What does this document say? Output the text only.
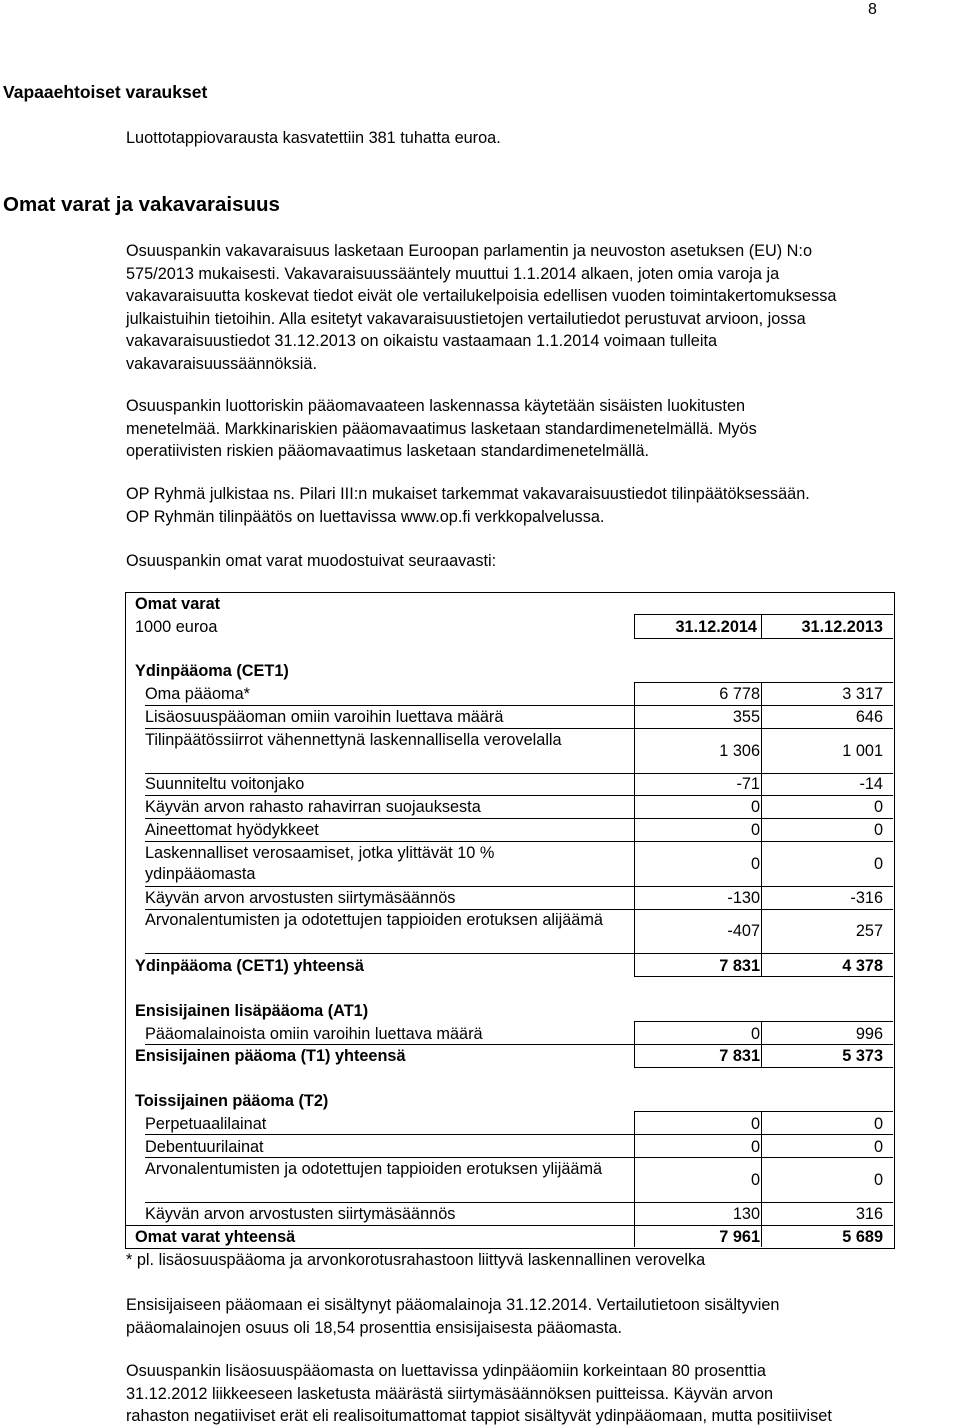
8
Vapaaehtoiset varaukset
Luottotappiovarausta kasvatettiin 381 tuhatta euroa.
Omat varat ja vakavaraisuus
Osuuspankin vakavaraisuus lasketaan Euroopan parlamentin ja neuvoston asetuksen (EU) N:o
575/2013 mukaisesti. Vakavaraisuussääntely muuttui 1.1.2014 alkaen, joten omia varoja ja
vakavaraisuutta koskevat tiedot eivät ole vertailukelpoisia edellisen vuoden toimintakertomuksessa
julkaistuihin tietoihin. Alla esitetyt vakavaraisuustietojen vertailutiedot perustuvat arvioon, jossa
vakavaraisuustiedot 31.12.2013 on oikaistu vastaamaan 1.1.2014 voimaan tulleita
vakavaraisuussäännöksiä.
Osuuspankin luottoriskin pääomavaateen laskennassa käytetään sisäisten luokitusten
menetelmää. Markkinariskien pääomavaatimus lasketaan standardimenetelmällä. Myös
operatiivisten riskien pääomavaatimus lasketaan standardimenetelmällä.
OP Ryhmä julkistaa ns. Pilari III:n mukaiset tarkemmat vakavaraisuustiedot tilinpäätöksessään.
OP Ryhmän tilinpäätös on luettavissa www.op.fi verkkopalvelussa.
Osuuspankin omat varat muodostuivat seuraavasti:
Omat varat
1000 euroa	31.12.2014	31.12.2013
Ydinpääoma (CET1)
Oma pääoma*	6 778	3 317
Lisäosuuspääoman omiin varoihin luettava määrä	355	646
Tilinpäätössiirrot vähennettynä laskennallisella verovelalla
1 306	1 001
Suunniteltu voitonjako	-71	-14
Käyvän arvon rahasto rahavirran suojauksesta	0	0
Aineettomat hyödykkeet	0	0
Laskennalliset verosaamiset, jotka ylittävät 10 % ydinpääomasta
0	0
Käyvän arvon arvostusten siirtymäsäännös	-130	-316
Arvonalentumisten ja odotettujen tappioiden erotuksen alijäämä
-407	257
Ydinpääoma (CET1) yhteensä	7 831	4 378
Ensisijainen lisäpääoma (AT1)
Pääomalainoista omiin varoihin luettava määrä	0	996
Ensisijainen pääoma (T1) yhteensä	7 831	5 373
Toissijainen pääoma (T2)
Perpetuaalilainat	0	0
Debentuurilainat	0	0
Arvonalentumisten ja odotettujen tappioiden erotuksen ylijäämä
0	0
Käyvän arvon arvostusten siirtymäsäännös	130	316
Omat varat yhteensä	7 961	5 689
* pl. lisäosuuspääoma ja arvonkorotusrahastoon liittyvä laskennallinen verovelka
Ensisijaiseen pääomaan ei sisältynyt pääomalainoja 31.12.2014. Vertailutietoon sisältyvien
pääomalainojen osuus oli 18,54 prosenttia ensisijaisesta pääomasta.
Osuuspankin lisäosuuspääomasta on luettavissa ydinpääomiin korkeintaan 80 prosenttia
31.12.2012 liikkeeseen lasketusta määrästä siirtymäsäännöksen puitteissa. Käyvän arvon
rahaston negatiiviset erät eli realisoitumattomat tappiot sisältyvät ydinpääomaan, mutta positiiviset
